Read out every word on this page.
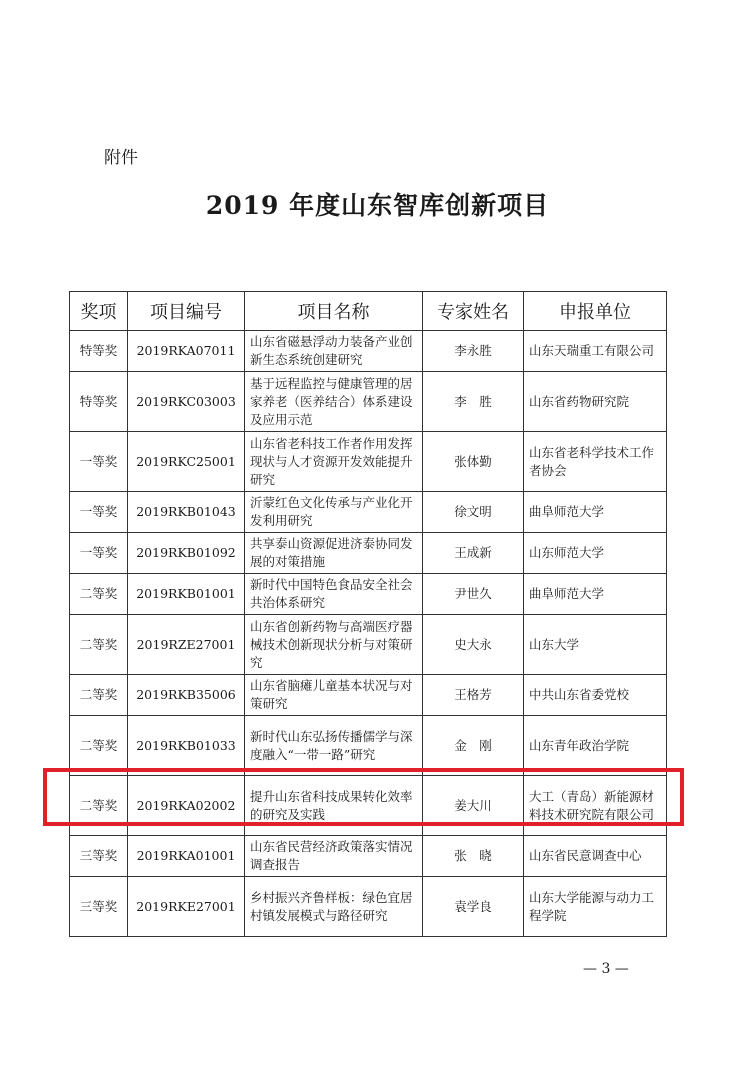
附件
2019 年度山东智库创新项目
奖项	项目编号	项目名称	专家姓名	申报单位
特等奖	2019RKA07011	山东省磁悬浮动力装备产业创新生态系统创建研究	李永胜	山东天瑞重工有限公司
特等奖	2019RKC03003	基于远程监控与健康管理的居家养老（医养结合）体系建设及应用示范	李　胜	山东省药物研究院
一等奖	2019RKC25001	山东省老科技工作者作用发挥现状与人才资源开发效能提升研究	张体勤	山东省老科学技术工作者协会
一等奖	2019RKB01043	沂蒙红色文化传承与产业化开发利用研究	徐文明	曲阜师范大学
一等奖	2019RKB01092	共享泰山资源促进济泰协同发展的对策措施	王成新	山东师范大学
二等奖	2019RKB01001	新时代中国特色食品安全社会共治体系研究	尹世久	曲阜师范大学
二等奖	2019RZE27001	山东省创新药物与高端医疗器械技术创新现状分析与对策研究	史大永	山东大学
二等奖	2019RKB35006	山东省脑瘫儿童基本状况与对策研究	王格芳	中共山东省委党校
二等奖	2019RKB01033	新时代山东弘扬传播儒学与深度融入“一带一路”研究	金　刚	山东青年政治学院
二等奖	2019RKA02002	提升山东省科技成果转化效率的研究及实践	姜大川	大工（青岛）新能源材料技术研究院有限公司
三等奖	2019RKA01001	山东省民营经济政策落实情况调查报告	张　晓	山东省民意调查中心
三等奖	2019RKE27001	乡村振兴齐鲁样板：绿色宜居村镇发展模式与路径研究	袁学良	山东大学能源与动力工程学院
— 3 —
